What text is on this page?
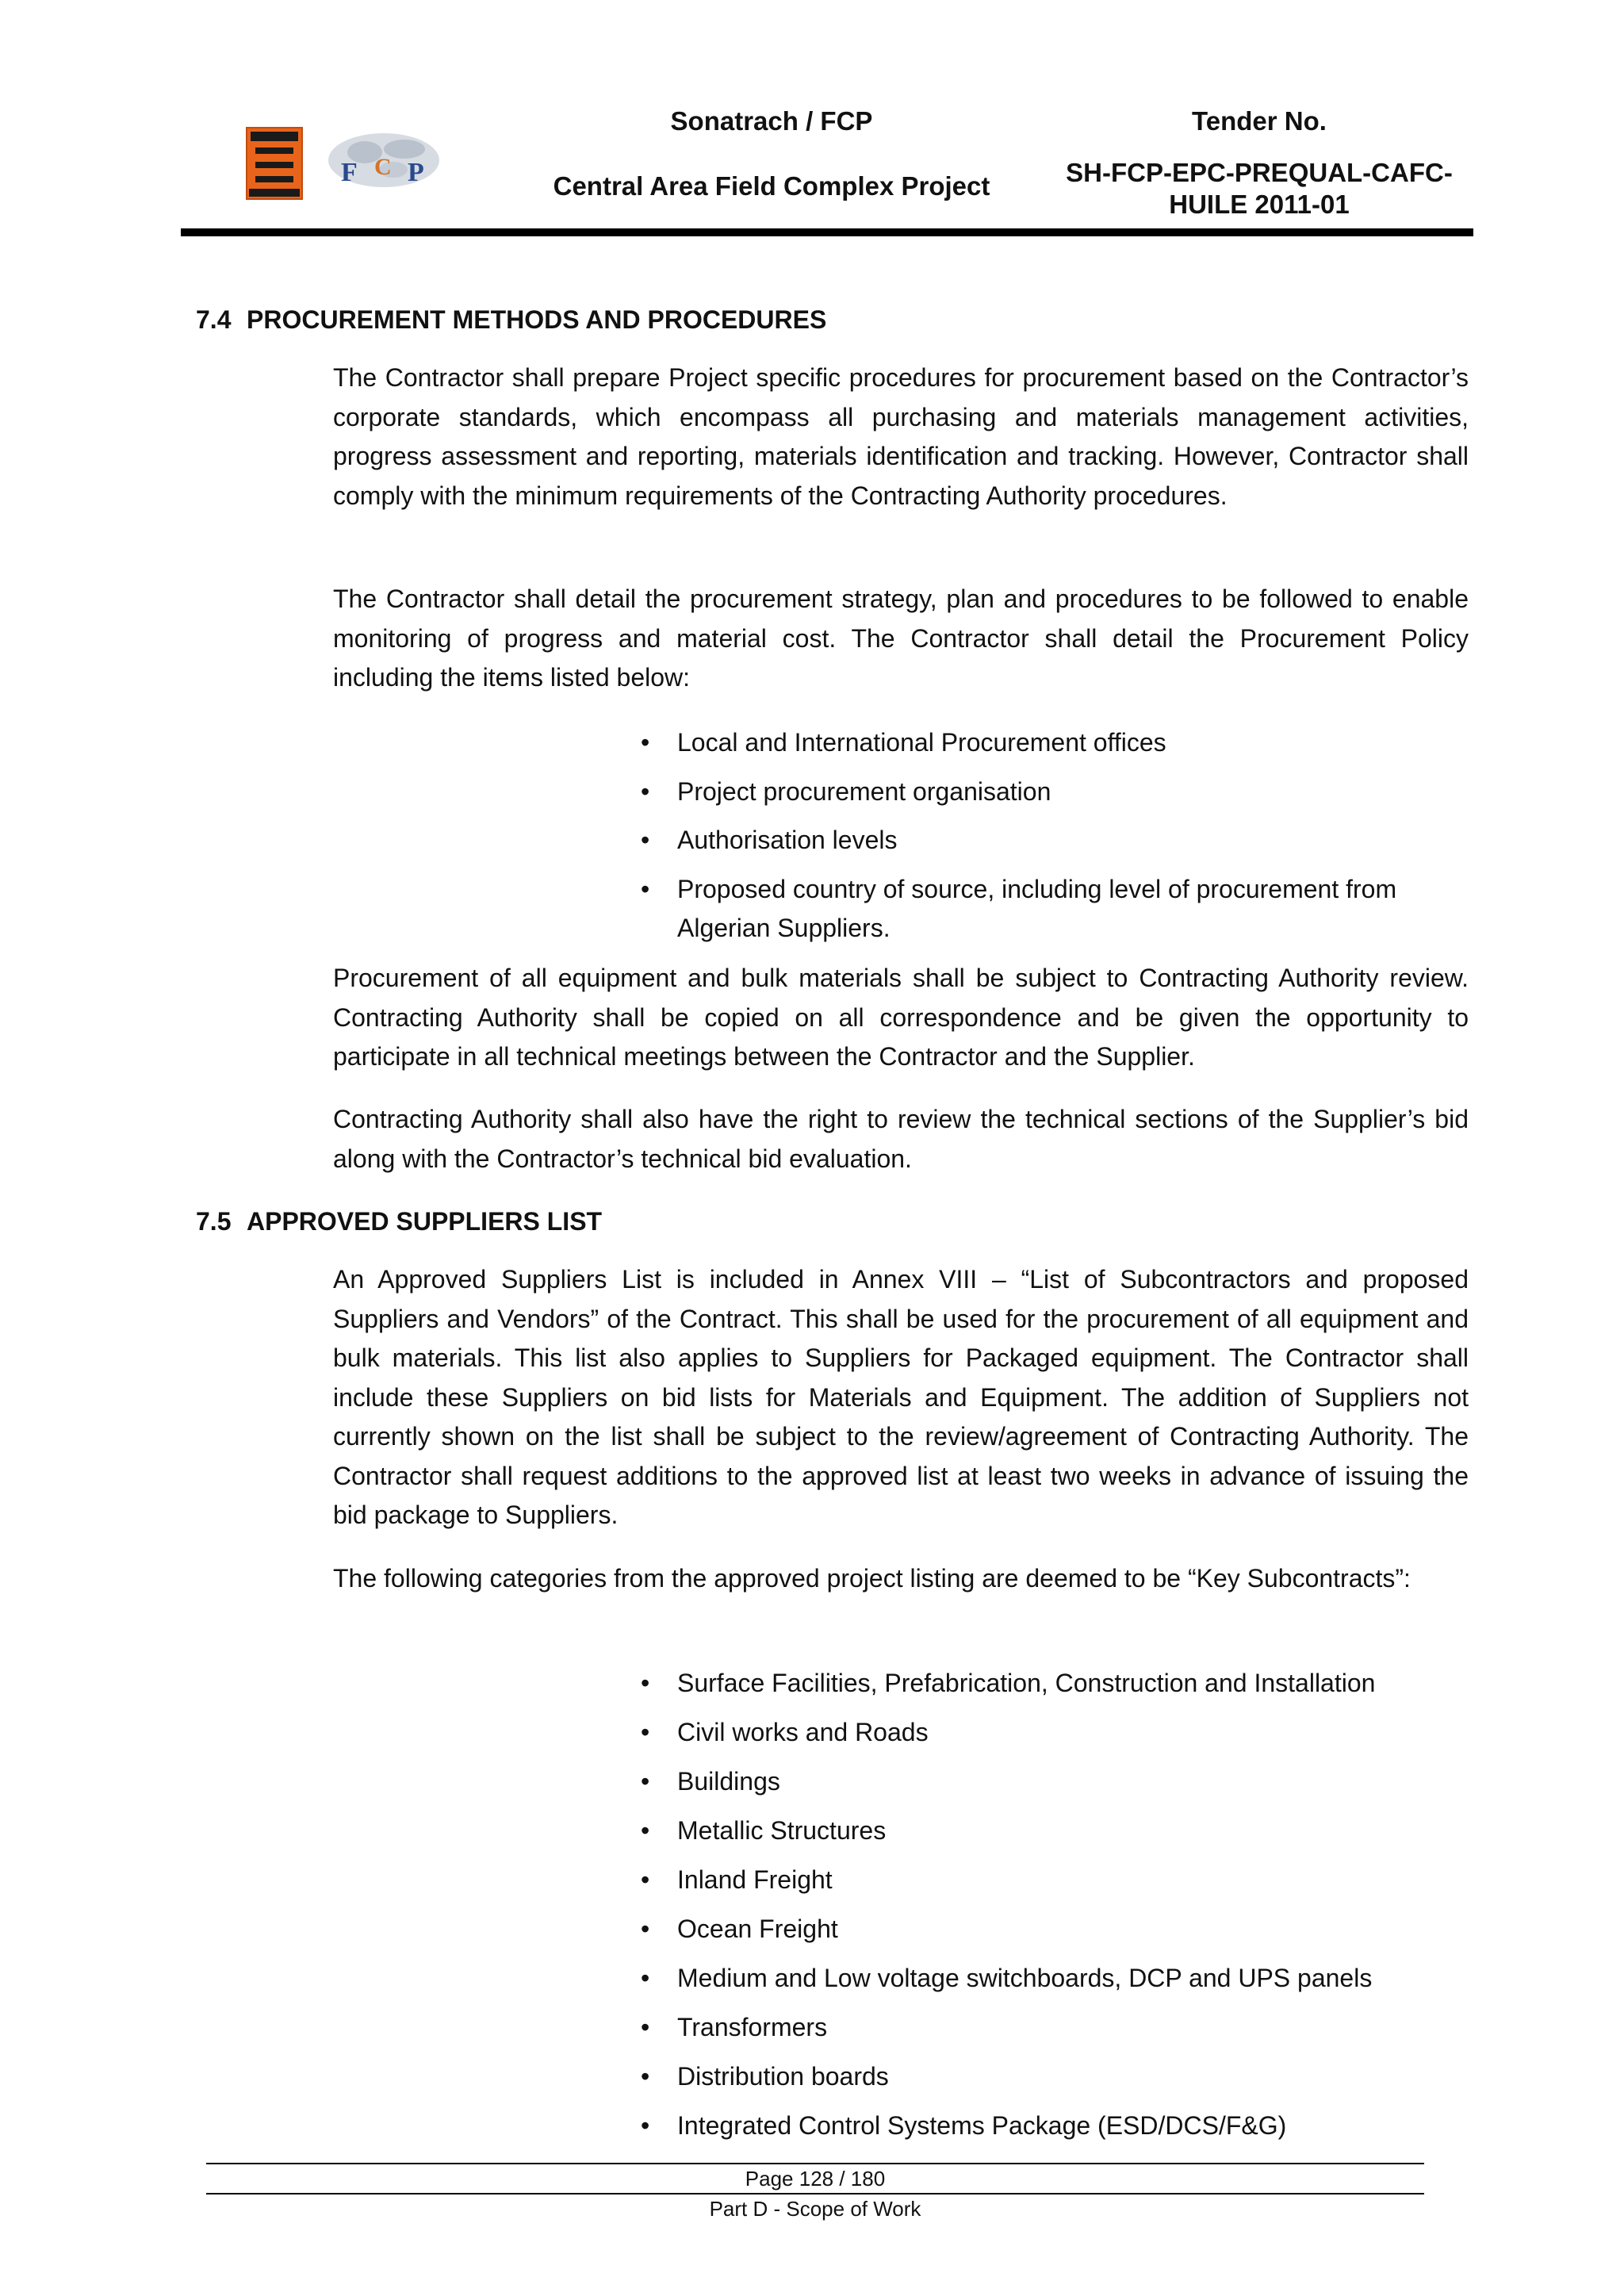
F C P
Sonatrach / FCP
Central Area Field Complex Project
Tender No.
SH-FCP-EPC-PREQUAL-CAFC-
HUILE 2011-01
7.4 PROCUREMENT METHODS AND PROCEDURES

The Contractor shall prepare Project specific procedures for procurement based on the Contractor’s corporate standards, which encompass all purchasing and materials management activities, progress assessment and reporting, materials identification and tracking. However, Contractor shall comply with the minimum requirements of the Contracting Authority procedures.

The Contractor shall detail the procurement strategy, plan and procedures to be followed to enable monitoring of progress and material cost. The Contractor shall detail the Procurement Policy including the items listed below:

• Local and International Procurement offices
• Project procurement organisation
• Authorisation levels
• Proposed country of source, including level of procurement from Algerian Suppliers.

Procurement of all equipment and bulk materials shall be subject to Contracting Authority review. Contracting Authority shall be copied on all correspondence and be given the opportunity to participate in all technical meetings between the Contractor and the Supplier.

Contracting Authority shall also have the right to review the technical sections of the Supplier’s bid along with the Contractor’s technical bid evaluation.

7.5 APPROVED SUPPLIERS LIST

An Approved Suppliers List is included in Annex VIII – “List of Subcontractors and proposed Suppliers and Vendors” of the Contract. This shall be used for the procurement of all equipment and bulk materials. This list also applies to Suppliers for Packaged equipment. The Contractor shall include these Suppliers on bid lists for Materials and Equipment. The addition of Suppliers not currently shown on the list shall be subject to the review/agreement of Contracting Authority. The Contractor shall request additions to the approved list at least two weeks in advance of issuing the bid package to Suppliers.

The following categories from the approved project listing are deemed to be “Key Subcontracts”:

• Surface Facilities, Prefabrication, Construction and Installation
• Civil works and Roads
• Buildings
• Metallic Structures
• Inland Freight
• Ocean Freight
• Medium and Low voltage switchboards, DCP and UPS panels
• Transformers
• Distribution boards
• Integrated Control Systems Package (ESD/DCS/F&G)
Page 128 / 180
Part D - Scope of Work
